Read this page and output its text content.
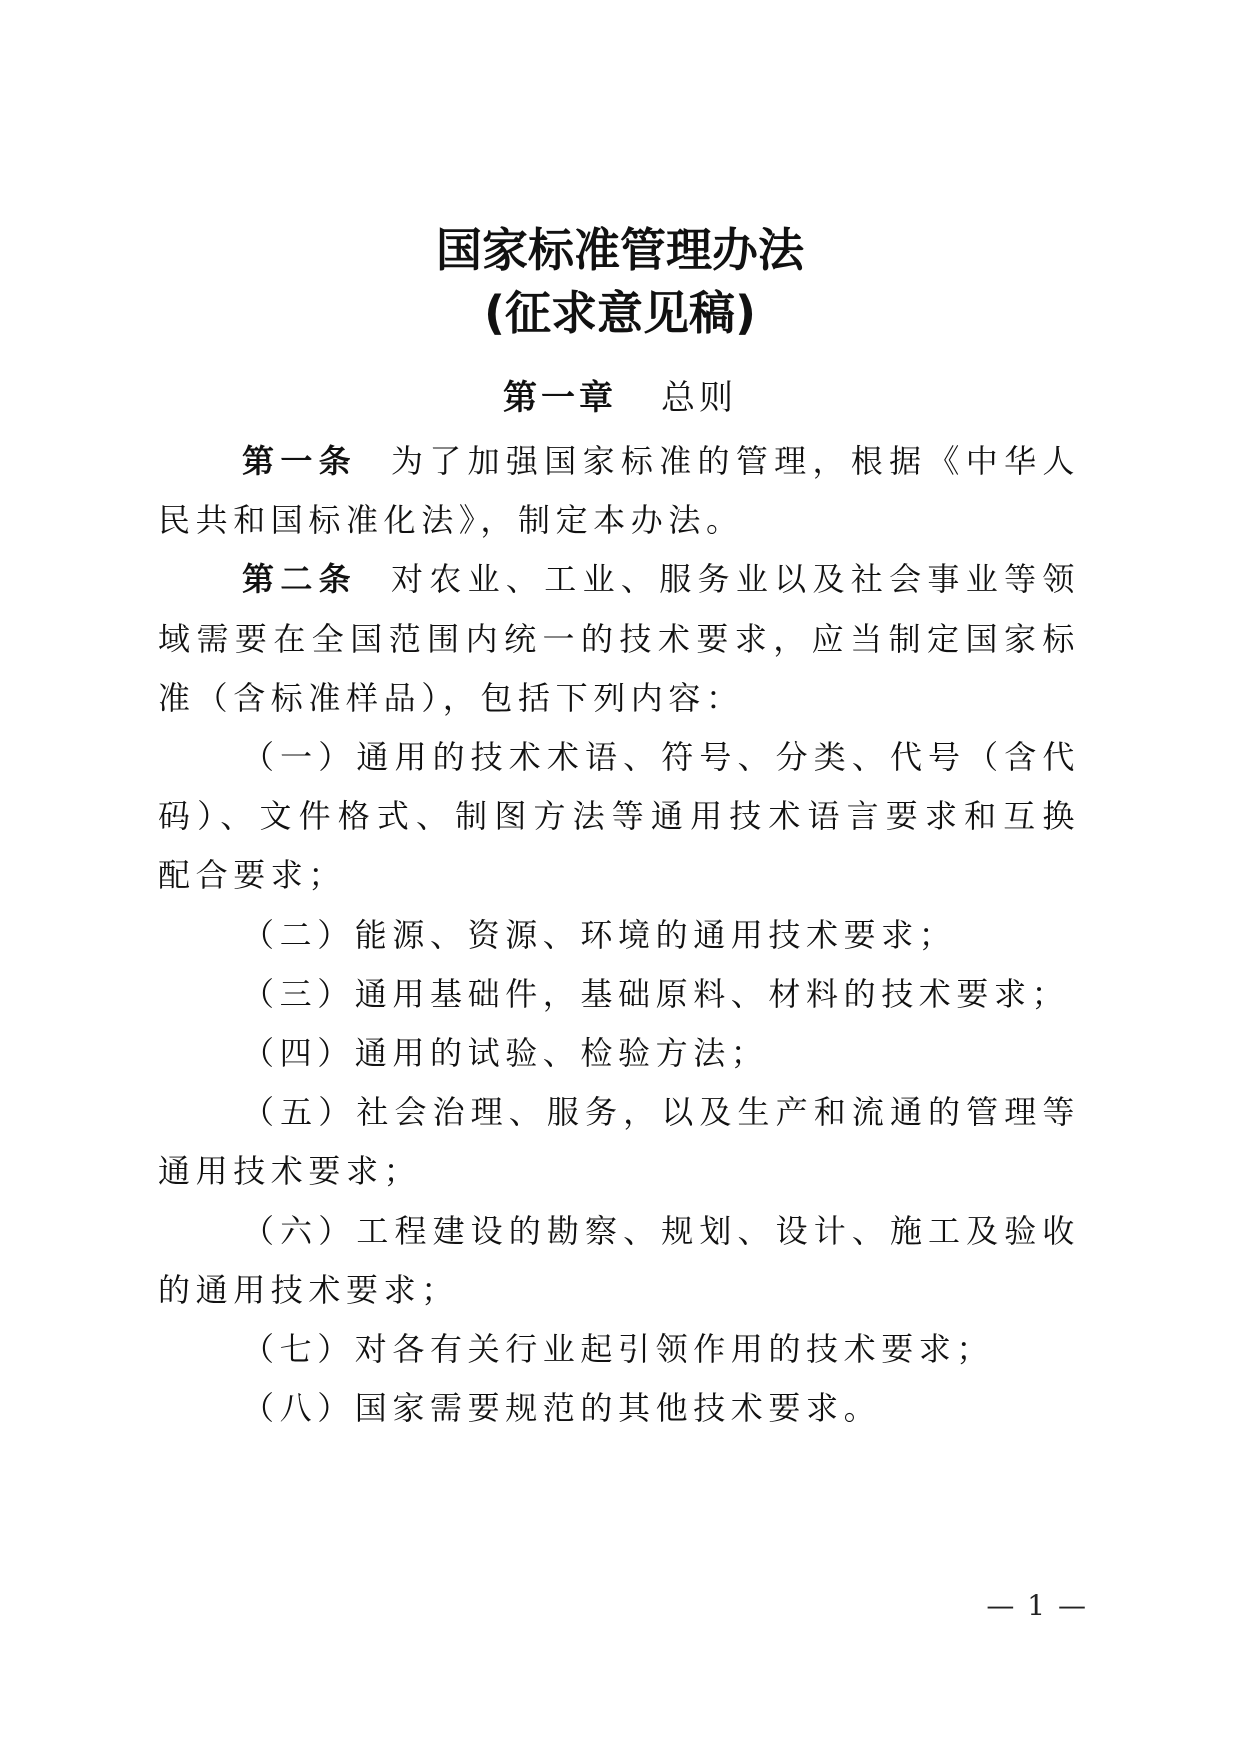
国家标准管理办法
(征求意见稿)
第一章 总则

第一条 为了加强国家标准的管理，根据《中华人民共和国标准化法》，制定本办法。

第二条 对农业、工业、服务业以及社会事业等领域需要在全国范围内统一的技术要求，应当制定国家标准（含标准样品），包括下列内容：

（一）通用的技术术语、符号、分类、代号（含代码）、文件格式、制图方法等通用技术语言要求和互换配合要求；

（二）能源、资源、环境的通用技术要求；

（三）通用基础件，基础原料、材料的技术要求；

（四）通用的试验、检验方法；

（五）社会治理、服务，以及生产和流通的管理等通用技术要求；

（六）工程建设的勘察、规划、设计、施工及验收的通用技术要求；

（七）对各有关行业起引领作用的技术要求；

（八）国家需要规范的其他技术要求。

— 1 —
